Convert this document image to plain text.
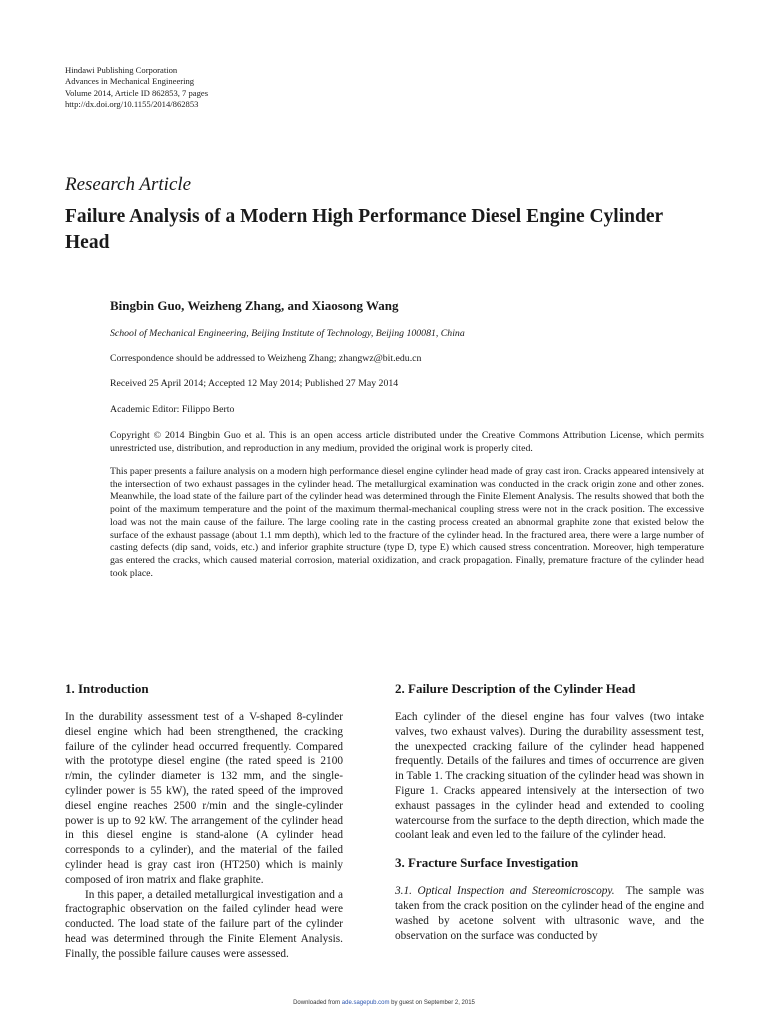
Hindawi Publishing Corporation
Advances in Mechanical Engineering
Volume 2014, Article ID 862853, 7 pages
http://dx.doi.org/10.1155/2014/862853
Research Article
Failure Analysis of a Modern High Performance Diesel Engine Cylinder Head
Bingbin Guo, Weizheng Zhang, and Xiaosong Wang
School of Mechanical Engineering, Beijing Institute of Technology, Beijing 100081, China
Correspondence should be addressed to Weizheng Zhang; zhangwz@bit.edu.cn
Received 25 April 2014; Accepted 12 May 2014; Published 27 May 2014
Academic Editor: Filippo Berto
Copyright © 2014 Bingbin Guo et al. This is an open access article distributed under the Creative Commons Attribution License, which permits unrestricted use, distribution, and reproduction in any medium, provided the original work is properly cited.
This paper presents a failure analysis on a modern high performance diesel engine cylinder head made of gray cast iron. Cracks appeared intensively at the intersection of two exhaust passages in the cylinder head. The metallurgical examination was conducted in the crack origin zone and other zones. Meanwhile, the load state of the failure part of the cylinder head was determined through the Finite Element Analysis. The results showed that both the point of the maximum temperature and the point of the maximum thermal-mechanical coupling stress were not in the crack position. The excessive load was not the main cause of the failure. The large cooling rate in the casting process created an abnormal graphite zone that existed below the surface of the exhaust passage (about 1.1 mm depth), which led to the fracture of the cylinder head. In the fractured area, there were a large number of casting defects (dip sand, voids, etc.) and inferior graphite structure (type D, type E) which caused stress concentration. Moreover, high temperature gas entered the cracks, which caused material corrosion, material oxidization, and crack propagation. Finally, premature fracture of the cylinder head took place.
1. Introduction

In the durability assessment test of a V-shaped 8-cylinder diesel engine which had been strengthened, the cracking failure of the cylinder head occurred frequently. Compared with the prototype diesel engine (the rated speed is 2100 r/min, the cylinder diameter is 132 mm, and the single-cylinder power is 55 kW), the rated speed of the improved diesel engine reaches 2500 r/min and the single-cylinder power is up to 92 kW. The arrangement of the cylinder head in this diesel engine is stand-alone (A cylinder head corresponds to a cylinder), and the material of the failed cylinder head is gray cast iron (HT250) which is mainly composed of iron matrix and flake graphite.

In this paper, a detailed metallurgical investigation and a fractographic observation on the failed cylinder head were conducted. The load state of the failure part of the cylinder head was determined through the Finite Element Analysis. Finally, the possible failure causes were assessed.

2. Failure Description of the Cylinder Head

Each cylinder of the diesel engine has four valves (two intake valves, two exhaust valves). During the durability assessment test, the unexpected cracking failure of the cylinder head happened frequently. Details of the failures and times of occurrence are given in Table 1. The cracking situation of the cylinder head was shown in Figure 1. Cracks appeared intensively at the intersection of two exhaust passages in the cylinder head and extended to cooling watercourse from the surface to the depth direction, which made the coolant leak and even led to the failure of the cylinder head.

3. Fracture Surface Investigation

3.1. Optical Inspection and Stereomicroscopy. The sample was taken from the crack position on the cylinder head of the engine and washed by acetone solvent with ultrasonic wave, and the observation on the surface was conducted by

Downloaded from ade.sagepub.com by guest on September 2, 2015
